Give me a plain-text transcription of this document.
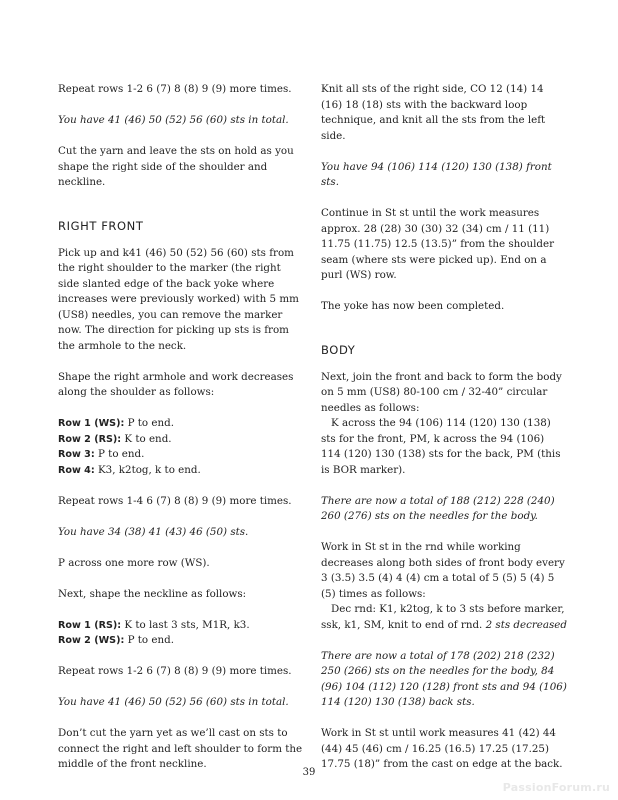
Repeat rows 1-2 6 (7) 8 (8) 9 (9) more times.

You have 41 (46) 50 (52) 56 (60) sts in total.

Cut the yarn and leave the sts on hold as you shape the right side of the shoulder and neckline.

RIGHT FRONT

Pick up and k41 (46) 50 (52) 56 (60) sts from the right shoulder to the marker (the right side slanted edge of the back yoke where increases were previously worked) with 5 mm (US8) needles, you can remove the marker now. The direction for picking up sts is from the armhole to the neck.

Shape the right armhole and work decreases along the shoulder as follows:

Row 1 (WS): P to end.
Row 2 (RS): K to end.
Row 3: P to end.
Row 4: K3, k2tog, k to end.

Repeat rows 1-4 6 (7) 8 (8) 9 (9) more times.

You have 34 (38) 41 (43) 46 (50) sts.

P across one more row (WS).

Next, shape the neckline as follows:

Row 1 (RS): K to last 3 sts, M1R, k3.
Row 2 (WS): P to end.

Repeat rows 1-2 6 (7) 8 (8) 9 (9) more times.

You have 41 (46) 50 (52) 56 (60) sts in total.

Don’t cut the yarn yet as we’ll cast on sts to connect the right and left shoulder to form the middle of the front neckline.

Knit all sts of the right side, CO 12 (14) 14 (16) 18 (18) sts with the backward loop technique, and knit all the sts from the left side.

You have 94 (106) 114 (120) 130 (138) front sts.

Continue in St st until the work measures approx. 28 (28) 30 (30) 32 (34) cm / 11 (11) 11.75 (11.75) 12.5 (13.5)” from the shoulder seam (where sts were picked up). End on a purl (WS) row.

The yoke has now been completed.

BODY

Next, join the front and back to form the body on 5 mm (US8) 80-100 cm / 32-40” circular needles as follows:
K across the 94 (106) 114 (120) 130 (138) sts for the front, PM, k across the 94 (106) 114 (120) 130 (138) sts for the back, PM (this is BOR marker).

There are now a total of 188 (212) 228 (240) 260 (276) sts on the needles for the body.

Work in St st in the rnd while working decreases along both sides of front body every 3 (3.5) 3.5 (4) 4 (4) cm a total of 5 (5) 5 (4) 5 (5) times as follows:
Dec rnd: K1, k2tog, k to 3 sts before marker, ssk, k1, SM, knit to end of rnd. 2 sts decreased

There are now a total of 178 (202) 218 (232) 250 (266) sts on the needles for the body, 84 (96) 104 (112) 120 (128) front sts and 94 (106) 114 (120) 130 (138) back sts.

Work in St st until work measures 41 (42) 44 (44) 45 (46) cm / 16.25 (16.5) 17.25 (17.25) 17.75 (18)” from the cast on edge at the back.

39
PassionForum.ru
